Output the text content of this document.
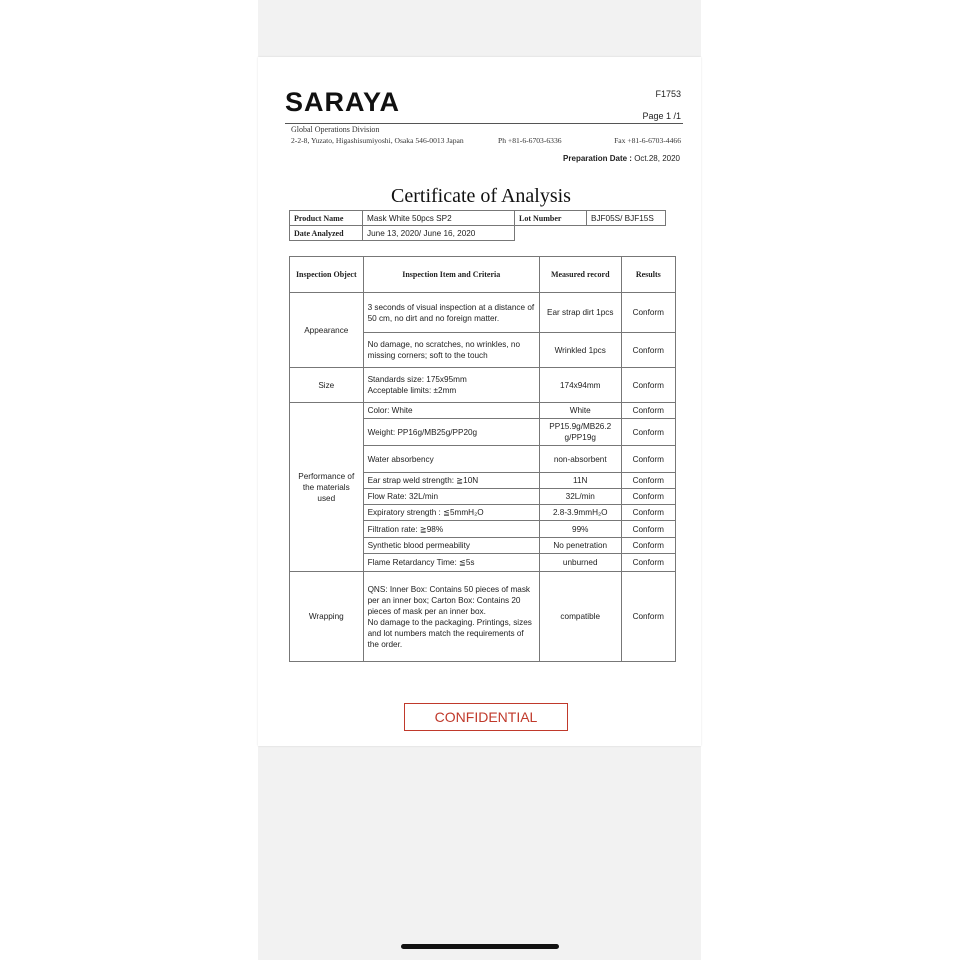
SARAYA	F1753
Page 1 /1
Global Operations Division
2-2-8, Yuzato, Higashisumiyoshi, Osaka 546-0013 Japan	Ph +81-6-6703-6336	Fax +81-6-6703-4466
Preparation Date : Oct.28, 2020
Certificate of Analysis
Product Name	Mask White 50pcs SP2	Lot Number	BJF05S/ BJF15S
Date Analyzed	June 13, 2020/ June 16, 2020		
Inspection Object	Inspection Item and Criteria	Measured record	Results
Appearance	3 seconds of visual inspection at a distance of 50 cm, no dirt and no foreign matter.	Ear strap dirt 1pcs	Conform
	No damage, no scratches, no wrinkles, no missing corners; soft to the touch	Wrinkled 1pcs	Conform
Size	Standards size: 175x95mm
Acceptable limits: ±2mm	174x94mm	Conform
Performance of the materials used	Color: White	White	Conform
	Weight: PP16g/MB25g/PP20g	PP15.9g/MB26.2 g/PP19g	Conform
	Water absorbency	non-absorbent	Conform
	Ear strap weld strength: ≧10N	11N	Conform
	Flow Rate: 32L/min	32L/min	Conform
	Expiratory strength : ≦5mmH₂O	2.8-3.9mmH₂O	Conform
	Filtration rate: ≧98%	99%	Conform
	Synthetic blood permeability	No penetration	Conform
	Flame Retardancy Time: ≦5s	unburned	Conform
Wrapping	QNS: Inner Box: Contains 50 pieces of mask per an inner box; Carton Box: Contains 20 pieces of mask per an inner box.
No damage to the packaging. Printings, sizes and lot numbers match the requirements of the order.	compatible	Conform
CONFIDENTIAL
